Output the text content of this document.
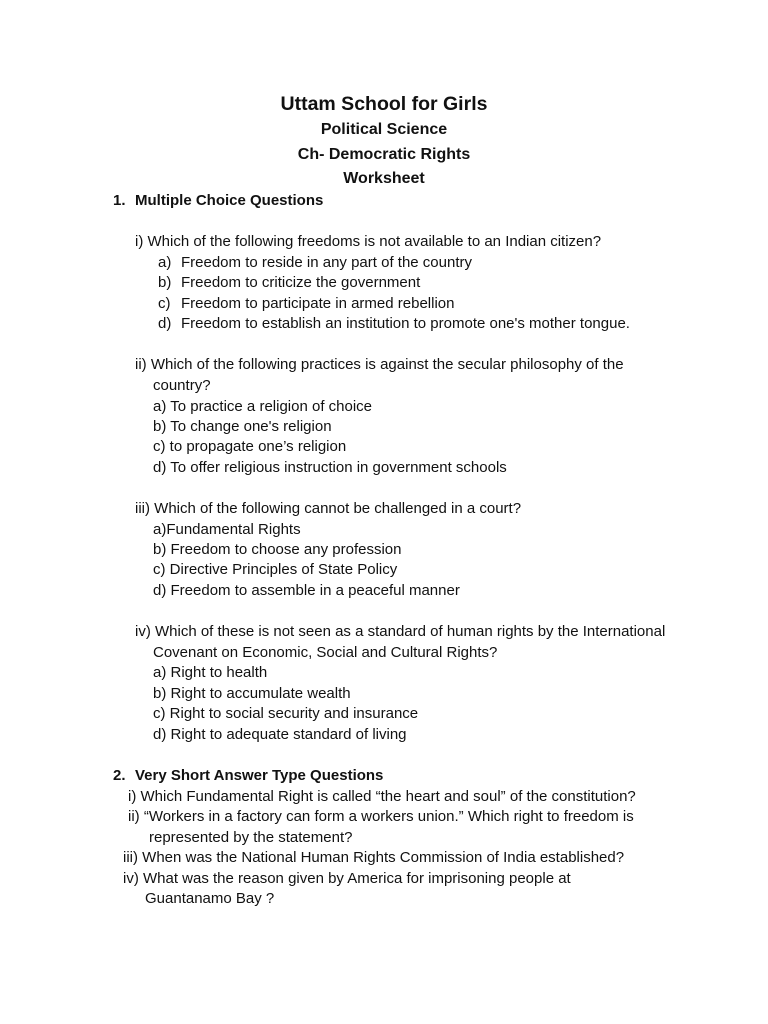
Uttam School for Girls
Political Science
Ch- Democratic Rights
Worksheet
1. Multiple Choice Questions
i) Which of the following freedoms is not available to an Indian citizen?
a) Freedom to reside in any part of the country
b) Freedom to criticize the government
c) Freedom to participate in armed rebellion
d) Freedom to establish an institution to promote one's mother tongue.
ii) Which of the following practices is against the secular philosophy of the
country?
a) To practice a religion of choice
b) To change one's religion
c) to propagate one’s religion
d) To offer religious instruction in government schools
iii) Which of the following cannot be challenged in a court?
a)Fundamental Rights
b) Freedom to choose any profession
c) Directive Principles of State Policy
d) Freedom to assemble in a peaceful manner
iv) Which of these is not seen as a standard of human rights by the International
Covenant on Economic, Social and Cultural Rights?
a) Right to health
b) Right to accumulate wealth
c) Right to social security and insurance
d) Right to adequate standard of living
2. Very Short Answer Type Questions
i) Which Fundamental Right is called “the heart and soul” of the constitution?
ii) “Workers in a factory can form a workers union.” Which right to freedom is
represented by the statement?
iii) When was the National Human Rights Commission of India established?
iv) What was the reason given by America for imprisoning people at
Guantanamo Bay ?
